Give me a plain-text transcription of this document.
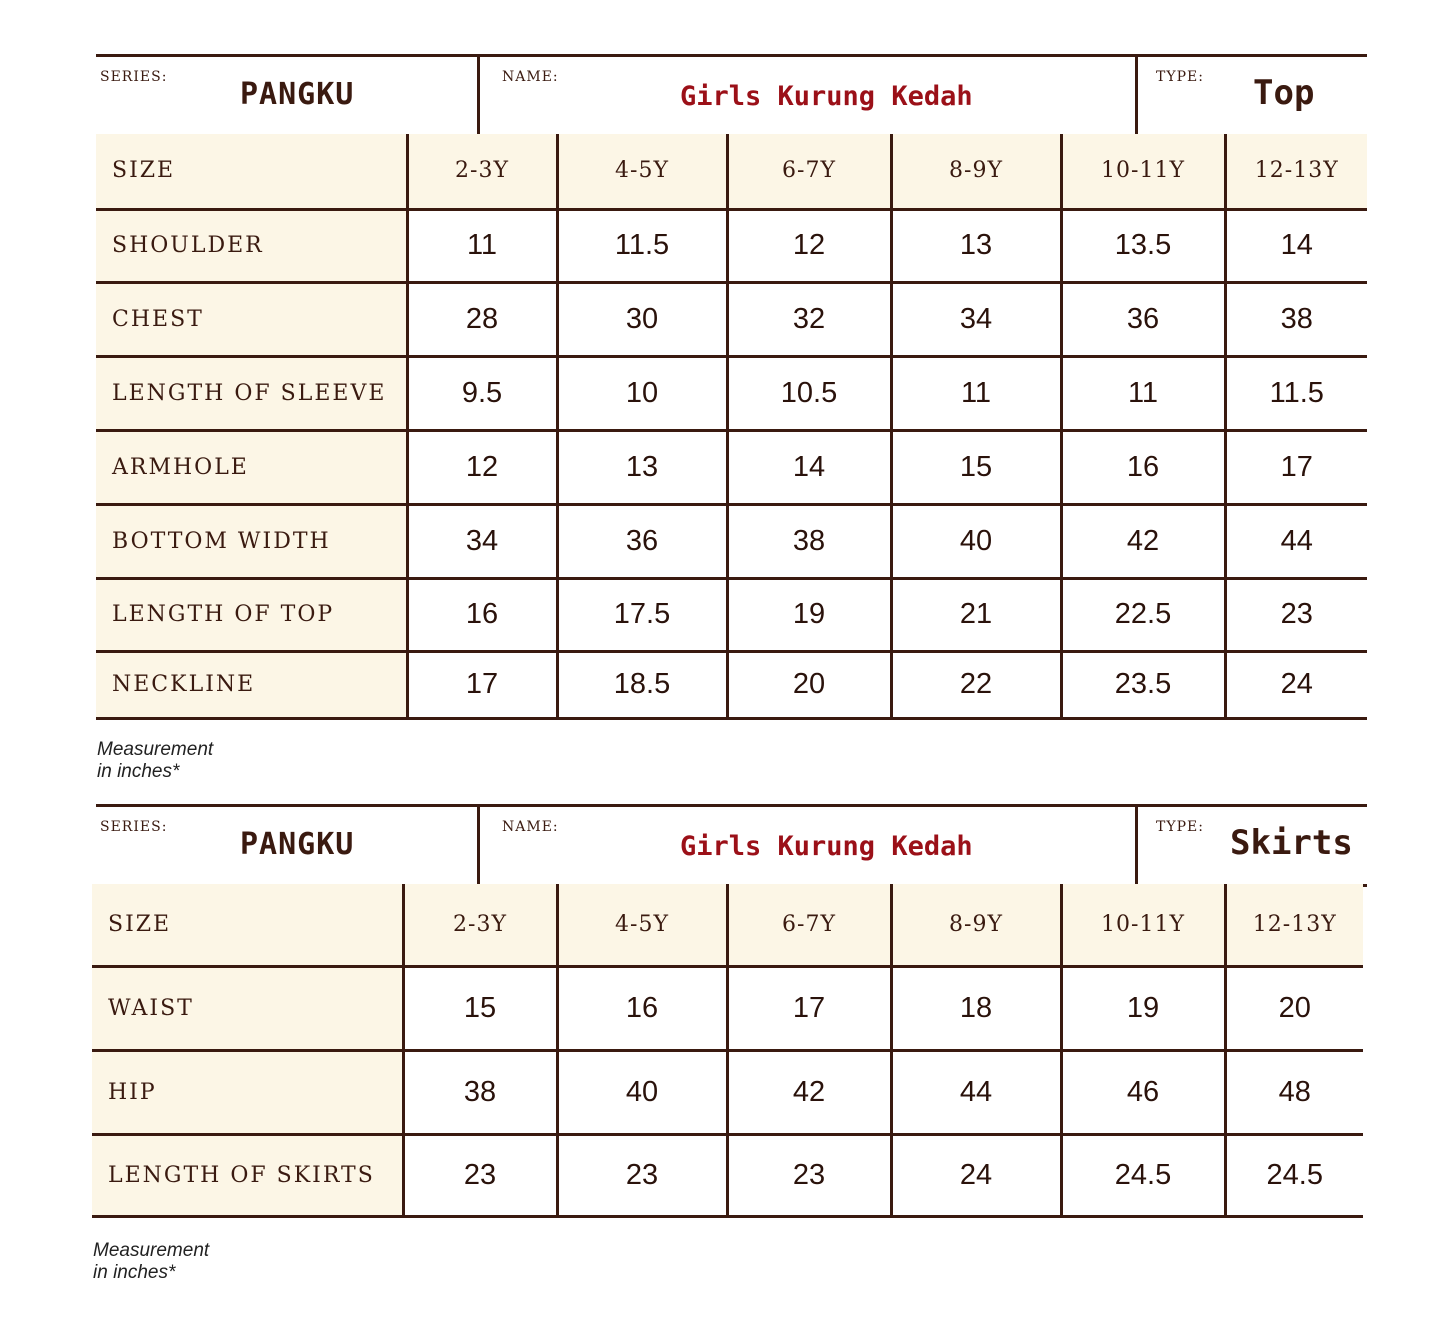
SERIES: PANGKU	NAME:
Girls Kurung Kedah
TYPE: Top
SIZE	2-3Y	4-5Y	6-7Y	8-9Y	10-11Y	12-13Y
SHOULDER	11	11.5	12	13	13.5	14
CHEST	28	30	32	34	36	38
LENGTH OF SLEEVE	9.5	10	10.5	11	11	11.5
ARMHOLE	12	13	14	15	16	17
BOTTOM WIDTH	34	36	38	40	42	44
LENGTH OF TOP	16	17.5	19	21	22.5	23
NECKLINE	17	18.5	20	22	23.5	24
Measurement in inches*
SERIES: PANGKU	NAME:
Girls Kurung Kedah
TYPE: Skirts
SIZE	2-3Y	4-5Y	6-7Y	8-9Y	10-11Y	12-13Y
WAIST	15	16	17	18	19	20
HIP	38	40	42	44	46	48
LENGTH OF SKIRTS	23	23	23	24	24.5	24.5
Measurement in inches*
